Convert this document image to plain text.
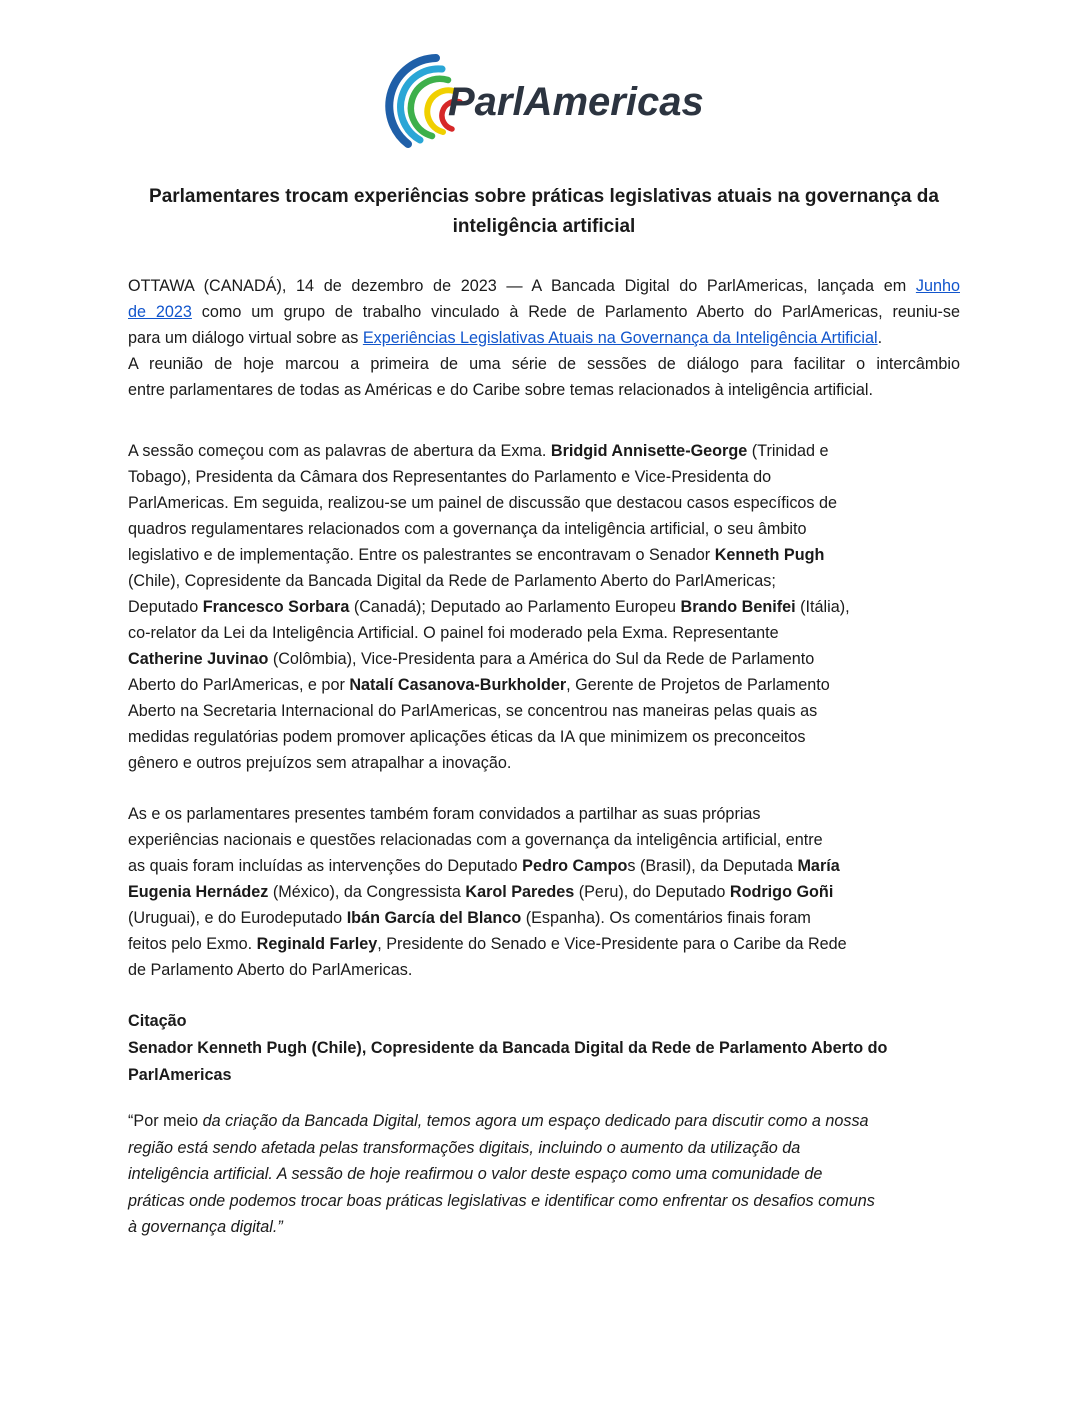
ParlAmericas
Parlamentares trocam experiências sobre práticas legislativas atuais na governança da inteligência artificial
OTTAWA (CANADÁ), 14 de dezembro de 2023 — A Bancada Digital do ParlAmericas, lançada em Junho
de 2023 como um grupo de trabalho vinculado à Rede de Parlamento Aberto do ParlAmericas, reuniu-se
para um diálogo virtual sobre as Experiências Legislativas Atuais na Governança da Inteligência Artificial.
A reunião de hoje marcou a primeira de uma série de sessões de diálogo para facilitar o intercâmbio
entre parlamentares de todas as Américas e do Caribe sobre temas relacionados à inteligência artificial.
A sessão começou com as palavras de abertura da Exma. Bridgid Annisette-George (Trinidad e
Tobago), Presidenta da Câmara dos Representantes do Parlamento e Vice-Presidenta do
ParlAmericas. Em seguida, realizou-se um painel de discussão que destacou casos específicos de
quadros regulamentares relacionados com a governança da inteligência artificial, o seu âmbito
legislativo e de implementação. Entre os palestrantes se encontravam o Senador Kenneth Pugh
(Chile), Copresidente da Bancada Digital da Rede de Parlamento Aberto do ParlAmericas;
Deputado Francesco Sorbara (Canadá); Deputado ao Parlamento Europeu Brando Benifei (Itália),
co-relator da Lei da Inteligência Artificial. O painel foi moderado pela Exma. Representante
Catherine Juvinao (Colômbia), Vice-Presidenta para a América do Sul da Rede de Parlamento
Aberto do ParlAmericas, e por Natalí Casanova-Burkholder, Gerente de Projetos de Parlamento
Aberto na Secretaria Internacional do ParlAmericas, se concentrou nas maneiras pelas quais as
medidas regulatórias podem promover aplicações éticas da IA que minimizem os preconceitos
gênero e outros prejuízos sem atrapalhar a inovação.
As e os parlamentares presentes também foram convidados a partilhar as suas próprias
experiências nacionais e questões relacionadas com a governança da inteligência artificial, entre
as quais foram incluídas as intervenções do Deputado Pedro Campos (Brasil), da Deputada María
Eugenia Hernádez (México), da Congressista Karol Paredes (Peru), do Deputado Rodrigo Goñi
(Uruguai), e do Eurodeputado Ibán García del Blanco (Espanha). Os comentários finais foram
feitos pelo Exmo. Reginald Farley, Presidente do Senado e Vice-Presidente para o Caribe da Rede
de Parlamento Aberto do ParlAmericas.
Citação
Senador Kenneth Pugh (Chile), Copresidente da Bancada Digital da Rede de Parlamento Aberto do ParlAmericas
“Por meio da criação da Bancada Digital, temos agora um espaço dedicado para discutir como a nossa
região está sendo afetada pelas transformações digitais, incluindo o aumento da utilização da
inteligência artificial. A sessão de hoje reafirmou o valor deste espaço como uma comunidade de
práticas onde podemos trocar boas práticas legislativas e identificar como enfrentar os desafios comuns
à governança digital.”
